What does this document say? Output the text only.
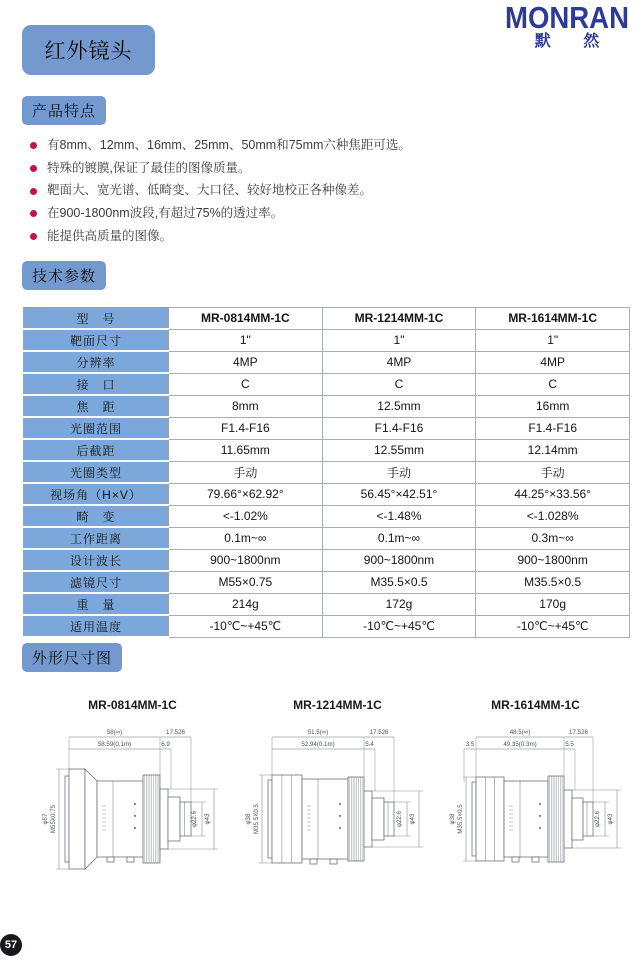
MONRAN
默 然
红外镜头
产品特点
有8mm、12mm、16mm、25mm、50mm和75mm六种焦距可选。
特殊的镀膜,保证了最佳的图像质量。
靶面大、宽光谱、低畸变、大口径、较好地校正各种像差。
在900-1800nm波段,有超过75%的透过率。
能提供高质量的图像。
技术参数
型　号	MR-0814MM-1C	MR-1214MM-1C	MR-1614MM-1C
靶面尺寸	1"	1"	1"
分辨率	4MP	4MP	4MP
接　口	C	C	C
焦　距	8mm	12.5mm	16mm
光圈范围	F1.4-F16	F1.4-F16	F1.4-F16
后截距	11.65mm	12.55mm	12.14mm
光圈类型	手动	手动	手动
视场角（H×V）	79.66°×62.92°	56.45°×42.51°	44.25°×33.56°
畸　变	<-1.02%	<-1.48%	<-1.028%
工作距离	0.1m~∞	0.1m~∞	0.3m~∞
设计波长	900~1800nm	900~1800nm	900~1800nm
滤镜尺寸	M55×0.75	M35.5×0.5	M35.5×0.5
重　量	214g	172g	170g
适用温度	-10℃~+45℃	-10℃~+45℃	-10℃~+45℃
外形尺寸图
MR-0814MM-1C
58(∞)
58.59(0.1m)
17.526
6.9
φ57 M55X0.75	φ22.6 φ43
MR-1214MM-1C
51.5(∞)
52.94(0.1m)
17.526
5.4
φ38 M35.5X0.5	φ22.6 φ43
MR-1614MM-1C
48.5(∞)
49.35(0.3m)
17.526
5.5
3.5
φ38 M35.5×0.5	φ22.6 φ43
57
